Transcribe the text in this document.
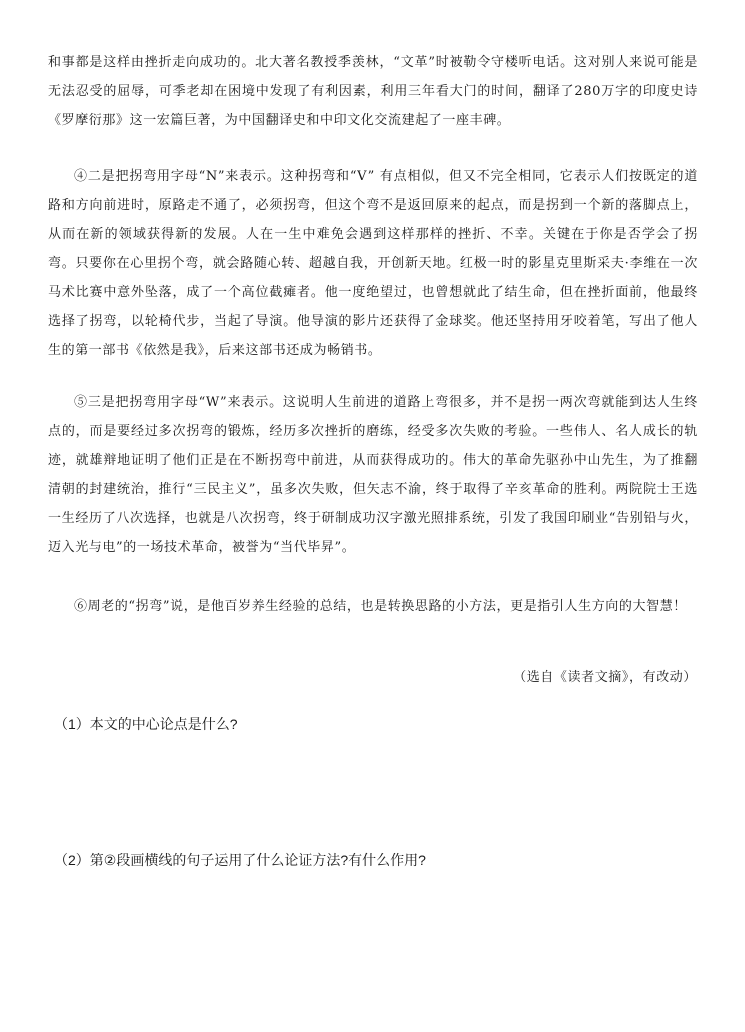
和事都是这样由挫折走向成功的。北大著名教授季羡林，“文革”时被勒令守楼听电话。这对别人来说可能是无法忍受的屈辱，可季老却在困境中发现了有利因素，利用三年看大门的时间，翻译了280万字的印度史诗《罗摩衍那》这一宏篇巨著，为中国翻译史和中印文化交流建起了一座丰碑。

④二是把拐弯用字母“N”来表示。这种拐弯和“V” 有点相似，但又不完全相同，它表示人们按既定的道路和方向前进时，原路走不通了，必须拐弯，但这个弯不是返回原来的起点，而是拐到一个新的落脚点上，从而在新的领域获得新的发展。人在一生中难免会遇到这样那样的挫折、不幸。关键在于你是否学会了拐弯。只要你在心里拐个弯，就会路随心转、超越自我，开创新天地。红极一时的影星克里斯采夫·李维在一次马术比赛中意外坠落，成了一个高位截瘫者。他一度绝望过，也曾想就此了结生命，但在挫折面前，他最终选择了拐弯，以轮椅代步，当起了导演。他导演的影片还获得了金球奖。他还坚持用牙咬着笔，写出了他人生的第一部书《依然是我》，后来这部书还成为畅销书。

⑤三是把拐弯用字母“W”来表示。这说明人生前进的道路上弯很多，并不是拐一两次弯就能到达人生终点的，而是要经过多次拐弯的锻炼，经历多次挫折的磨练，经受多次失败的考验。一些伟人、名人成长的轨迹，就雄辩地证明了他们正是在不断拐弯中前进，从而获得成功的。伟大的革命先驱孙中山先生，为了推翻清朝的封建统治，推行“三民主义”，虽多次失败，但矢志不渝，终于取得了辛亥革命的胜利。两院院士王选一生经历了八次选择，也就是八次拐弯，终于研制成功汉字激光照排系统，引发了我国印刷业“告别铅与火，迈入光与电”的一场技术革命，被誉为“当代毕昇”。

⑥周老的“拐弯”说，是他百岁养生经验的总结，也是转换思路的小方法，更是指引人生方向的大智慧！

（选自《读者文摘》，有改动）
（1）本文的中心论点是什么?
（2）第②段画横线的句子运用了什么论证方法?有什么作用?
